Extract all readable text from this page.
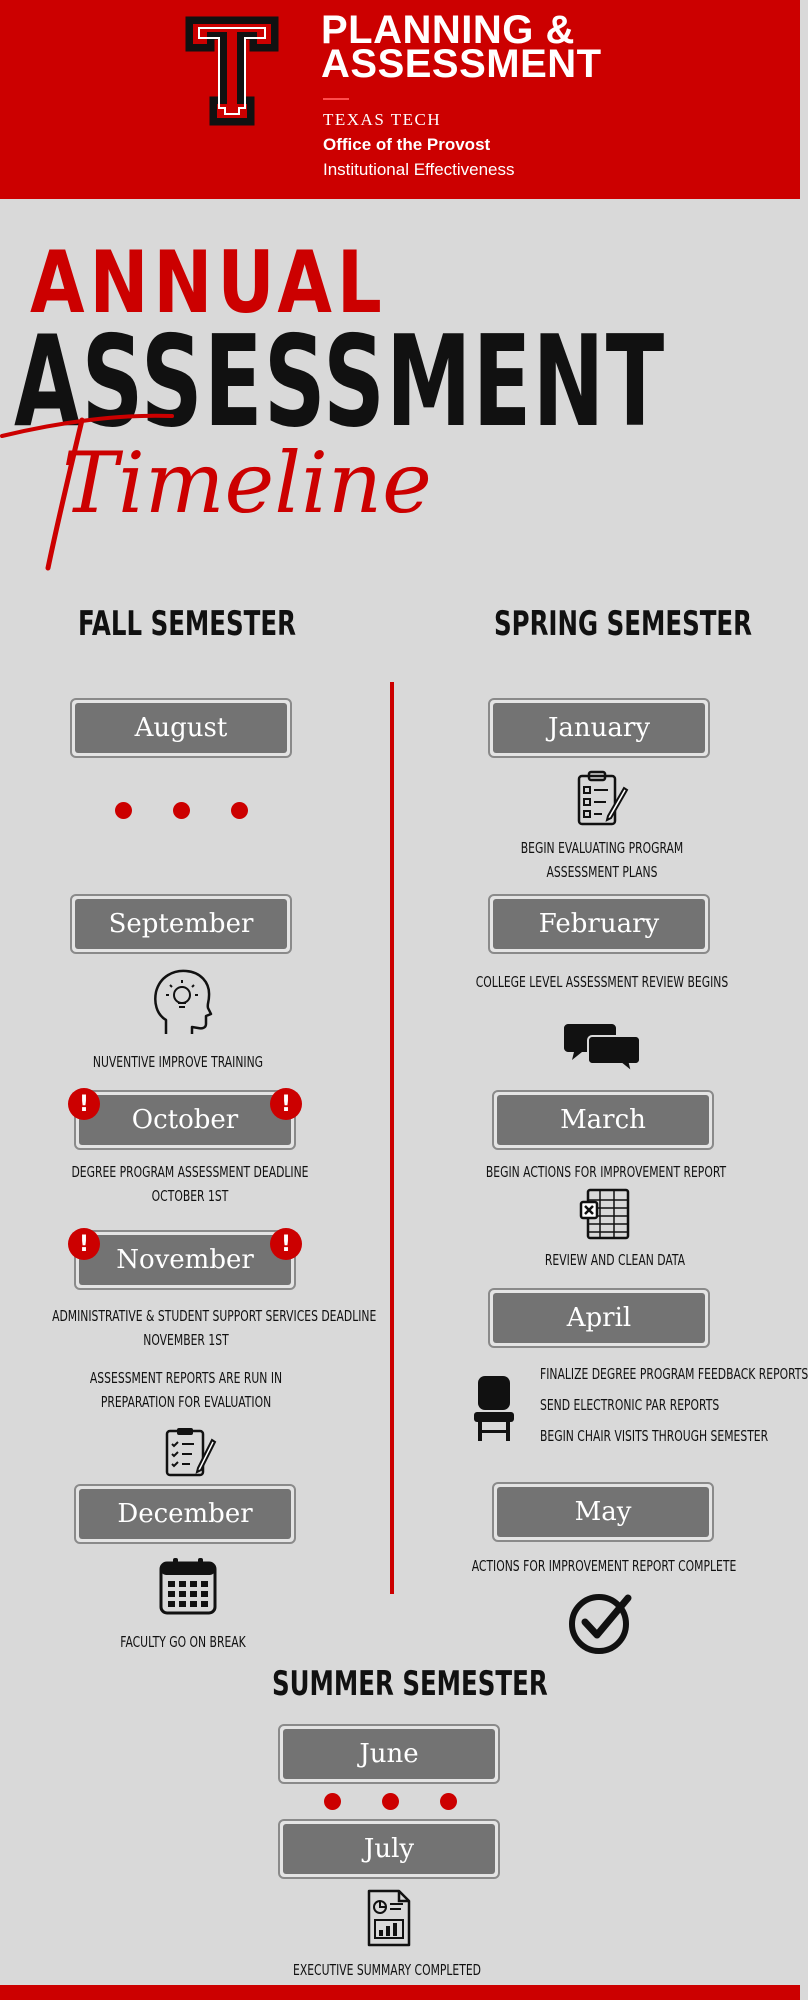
PLANNING &
ASSESSMENT
TEXAS TECH
Office of the Provost
Institutional Effectiveness
ANNUAL
ASSESSMENT
Timeline
FALL SEMESTER	SPRING SEMESTER
August
September
NUVENTIVE IMPROVE TRAINING
October
!	!
DEGREE PROGRAM ASSESSMENT DEADLINE
OCTOBER 1ST
November
!	!
ADMINISTRATIVE & STUDENT SUPPORT SERVICES DEADLINE
NOVEMBER 1ST
ASSESSMENT REPORTS ARE RUN IN
PREPARATION FOR EVALUATION
December
FACULTY GO ON BREAK
January
BEGIN EVALUATING PROGRAM
ASSESSMENT PLANS
February
COLLEGE LEVEL ASSESSMENT REVIEW BEGINS
March
BEGIN ACTIONS FOR IMPROVEMENT REPORT
REVIEW AND CLEAN DATA
April
FINALIZE DEGREE PROGRAM FEEDBACK REPORTS
SEND ELECTRONIC PAR REPORTS
BEGIN CHAIR VISITS THROUGH SEMESTER
May
ACTIONS FOR IMPROVEMENT REPORT COMPLETE
SUMMER SEMESTER
June
July
EXECUTIVE SUMMARY COMPLETED
